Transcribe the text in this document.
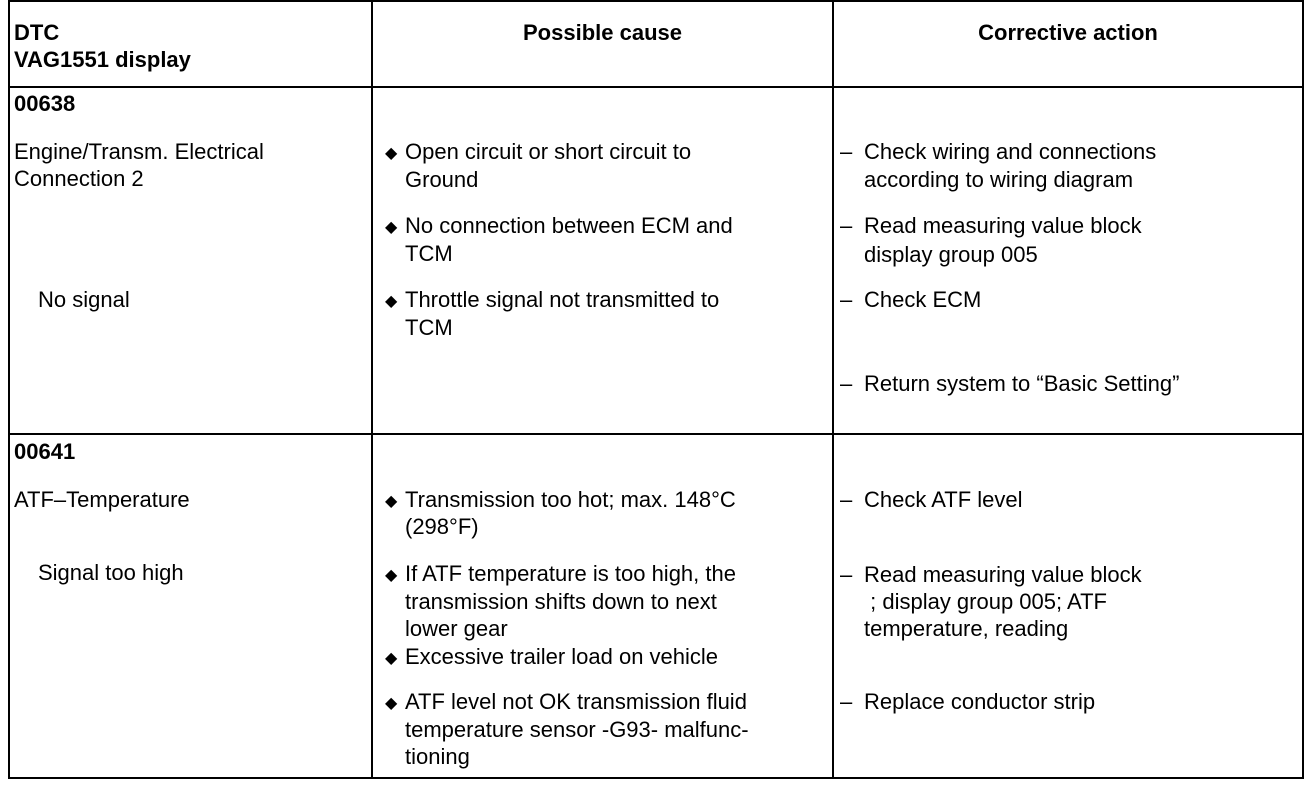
DTC
VAG1551 display
Possible cause	Corrective action
00638
Engine/Transm. Electrical
Connection 2
No signal
◆ Open circuit or short circuit to
Ground
◆ No connection between ECM and
TCM
◆ Throttle signal not transmitted to
TCM
– Check wiring and connections
according to wiring diagram
– Read measuring value block
display group 005
– Check ECM
– Return system to “Basic Setting”
00641
ATF–Temperature
Signal too high
◆ Transmission too hot; max. 148°C
(298°F)
◆ If ATF temperature is too high, the
transmission shifts down to next
lower gear
◆ Excessive trailer load on vehicle
◆ ATF level not OK transmission fluid
temperature sensor -G93- malfunc-
tioning
– Check ATF level
– Read measuring value block
; display group 005; ATF
temperature, reading
– Replace conductor strip
